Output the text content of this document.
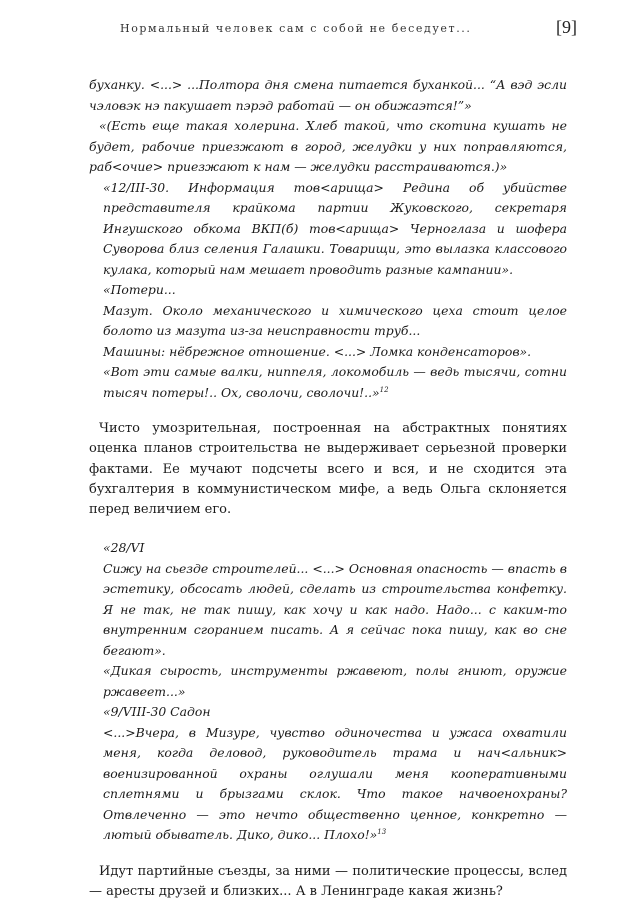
Нормальный человек сам с собой не беседует...	[9]

буханку. <...> ...Полтора дня смена питается буханкой... “А вэд эсли чэловэк нэ пакушает пэрэд работай — он обижаэтся!”»

«(Есть еще такая холерина. Хлеб такой, что скотина кушать не будет, рабочие приезжают в город, желудки у них поправляются, раб<очие> приезжают к нам — желудки расстраиваются.)»

«12/III-30. Информация тов<арища> Редина об убийстве представителя крайкома партии Жуковского, секретаря Ингушского обкома ВКП(б) тов<арища> Черноглаза и шофера Суворова близ селения Галашки. Товарищи, это вылазка классового кулака, который нам мешает проводить разные кампании».

«Потери...

Мазут. Около механического и химического цеха стоит целое болото из мазута из-за неисправности труб...

Машины: нёбрежное отношение. <...> Ломка конденсаторов».

«Вот эти самые валки, ниппеля, локомобиль — ведь тысячи, сотни тысяч потеры!.. Ох, сволочи, сволочи!..»$^{12}$

Чисто умозрительная, построенная на абстрактных понятиях оценка планов строительства не выдерживает серьезной проверки фактами. Ее мучают подсчеты всего и вся, и не сходится эта бухгалтерия в коммунистическом мифе, а ведь Ольга склоняется перед величием его.

«28/VI

Сижу на сьезде строителей... <...> Основная опасность — впасть в эстетику, обсосать людей, сделать из строительства конфетку. Я не так, не так пишу, как хочу и как надо. Надо... с каким-то внутренним сгоранием писать. А я сейчас пока пишу, как во сне бегают».

«Дикая сырость, инструменты ржавеют, полы гниют, оружие ржавеет...»

«9/VIII-30 Садон

<...>Вчера, в Мизуре, чувство одиночества и ужаса охватили меня, когда деловод, руководитель трама и нач<альник> военизированной охраны оглушали меня кооперативными сплетнями и брызгами склок. Что такое начвоенохраны? Отвлеченно — это нечто общественно ценное, конкретно — лютый обыватель. Дико, дико... Плохо!»$^{13}$

Идут партийные съезды, за ними — политические процессы, вслед — аресты друзей и близких... А в Ленинграде какая жизнь?
